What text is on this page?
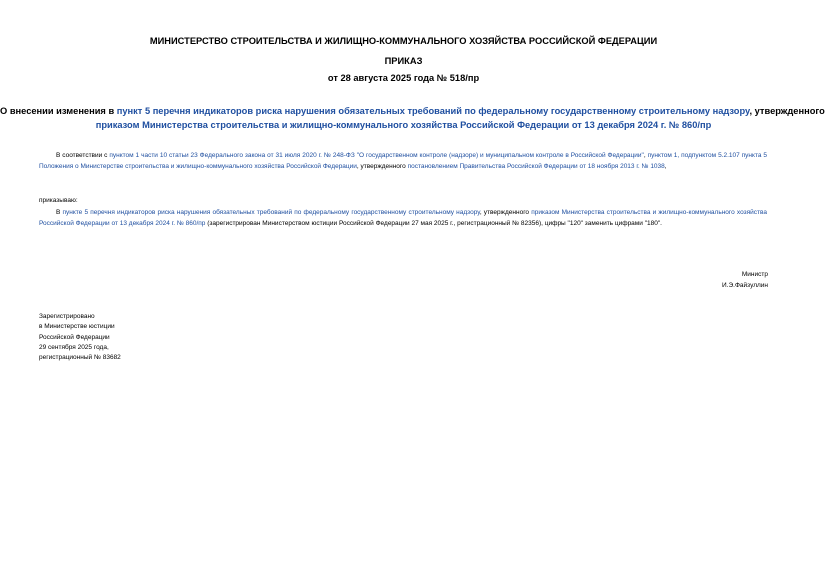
МИНИСТЕРСТВО СТРОИТЕЛЬСТВА И ЖИЛИЩНО-КОММУНАЛЬНОГО ХОЗЯЙСТВА РОССИЙСКОЙ ФЕДЕРАЦИИ
ПРИКАЗ
от 28 августа 2025 года № 518/пр
О внесении изменения в пункт 5 перечня индикаторов риска нарушения обязательных требований по федеральному государственному строительному надзору, утвержденного
приказом Министерства строительства и жилищно-коммунального хозяйства Российской Федерации от 13 декабря 2024 г. № 860/пр
В соответствии с пунктом 1 части 10 статьи 23 Федерального закона от 31 июля 2020 г. № 248-ФЗ "О государственном контроле (надзоре) и муниципальном контроле в Российской Федерации", пунктом 1, подпунктом 5.2.107 пункта 5 Положения о Министерстве строительства и жилищно-коммунального хозяйства Российской Федерации, утвержденного постановлением Правительства Российской Федерации от 18 ноября 2013 г. № 1038,
приказываю:
В пункте 5 перечня индикаторов риска нарушения обязательных требований по федеральному государственному строительному надзору, утвержденного приказом Министерства строительства и жилищно-коммунального хозяйства Российской Федерации от 13 декабря 2024 г. № 860/пр (зарегистрирован Министерством юстиции Российской Федерации 27 мая 2025 г., регистрационный № 82356), цифры "120" заменить цифрами "180".
Министр
И.Э.Файзуллин
Зарегистрировано
в Министерстве юстиции
Российской Федерации
29 сентября 2025 года,
регистрационный № 83682
